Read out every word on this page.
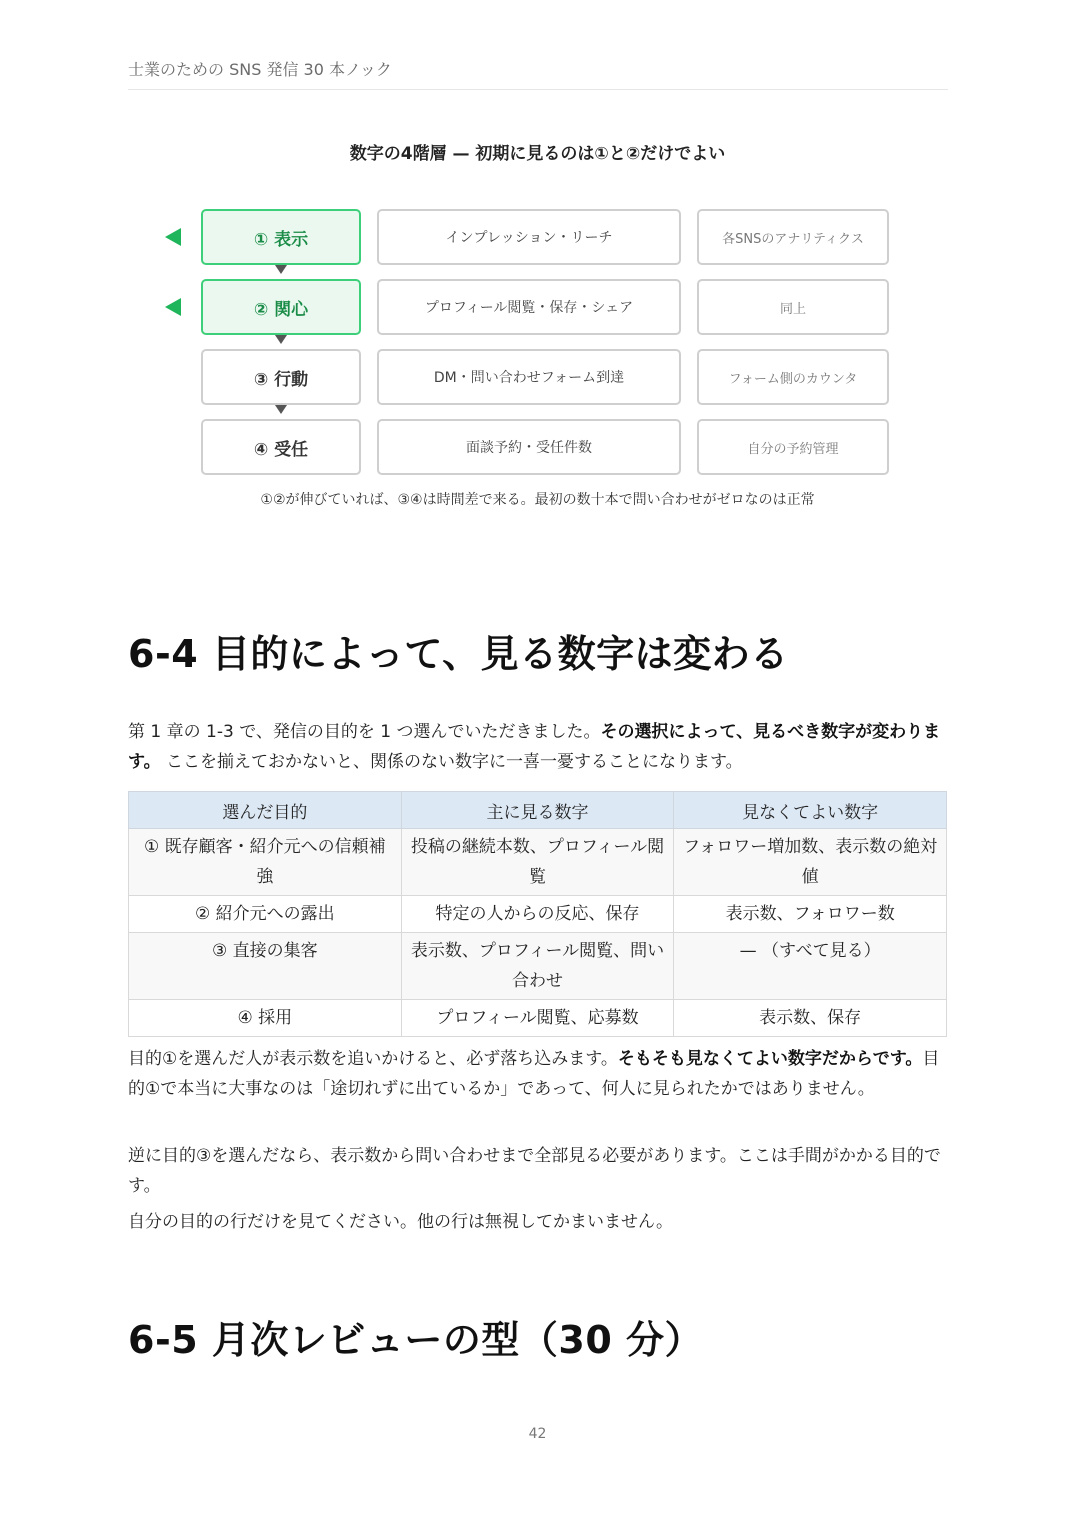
士業のための SNS 発信 30 本ノック
数字の4階層 — 初期に見るのは①と②だけでよい
① 表示	インプレッション・リーチ	各SNSのアナリティクス
② 関心	プロフィール閲覧・保存・シェア	同上
③ 行動	DM・問い合わせフォーム到達	フォーム側のカウンタ
④ 受任	面談予約・受任件数	自分の予約管理
①②が伸びていれば、③④は時間差で来る。最初の数十本で問い合わせがゼロなのは正常
6-4 目的によって、見る数字は変わる
第 1 章の 1-3 で、発信の目的を 1 つ選んでいただきました。その選択によって、見るべき数字が変わります。 ここを揃えておかないと、関係のない数字に一喜一憂することになります。
選んだ目的	主に見る数字	見なくてよい数字
① 既存顧客・紹介元への信頼補強	投稿の継続本数、プロフィール閲覧	フォロワー増加数、表示数の絶対値
② 紹介元への露出	特定の人からの反応、保存	表示数、フォロワー数
③ 直接の集客	表示数、プロフィール閲覧、問い合わせ	— （すべて見る）
④ 採用	プロフィール閲覧、応募数	表示数、保存
目的①を選んだ人が表示数を追いかけると、必ず落ち込みます。そもそも見なくてよい数字だからです。目的①で本当に大事なのは「途切れずに出ているか」であって、何人に見られたかではありません。
逆に目的③を選んだなら、表示数から問い合わせまで全部見る必要があります。ここは手間がかかる目的です。
自分の目的の行だけを見てください。他の行は無視してかまいません。
6-5 月次レビューの型（30 分）
42
